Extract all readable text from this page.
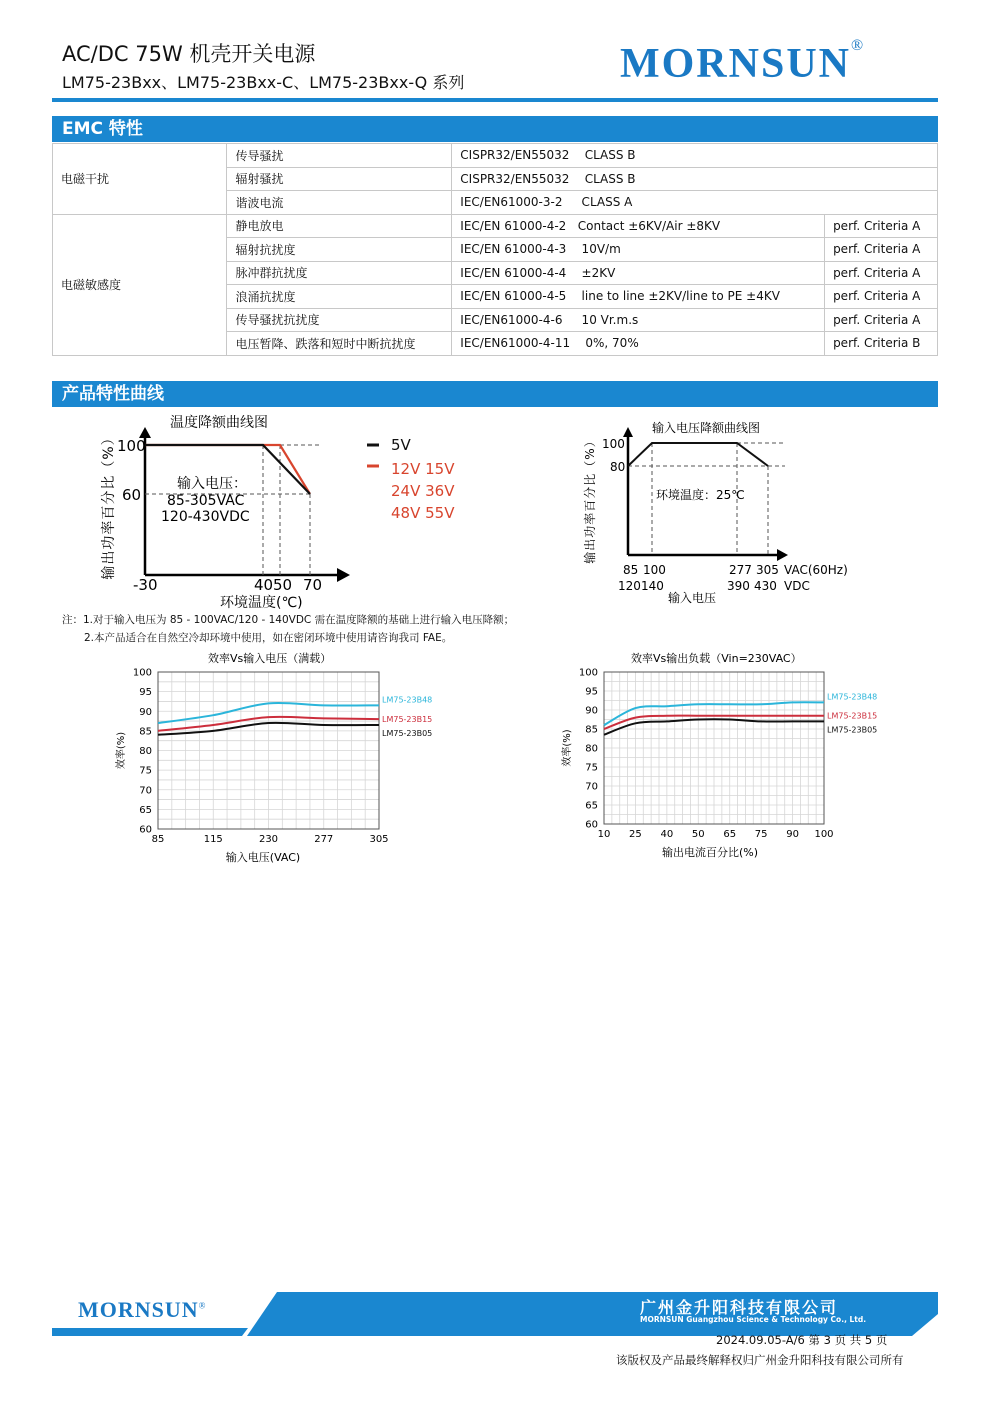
AC/DC 75W 机壳开关电源
LM75-23Bxx、LM75-23Bxx-C、LM75-23Bxx-Q 系列	MORNSUN®
EMC 特性
电磁干扰	传导骚扰	CISPR32/EN55032    CLASS B	
	辐射骚扰	CISPR32/EN55032    CLASS B	
	谐波电流	IEC/EN61000-3-2     CLASS A	
电磁敏感度	静电放电	IEC/EN 61000-4-2   Contact ±6KV/Air ±8KV	perf. Criteria A
	辐射抗扰度	IEC/EN 61000-4-3    10V/m	perf. Criteria A
	脉冲群抗扰度	IEC/EN 61000-4-4    ±2KV	perf. Criteria A
	浪涌抗扰度	IEC/EN 61000-4-5    line to line ±2KV/line to PE ±4KV	perf. Criteria A
	传导骚扰抗扰度	IEC/EN61000-4-6     10 Vr.m.s	perf. Criteria A
	电压暂降、跌落和短时中断抗扰度	IEC/EN61000-4-11    0%, 70%	perf. Criteria B
产品特性曲线
温度降额曲线图
输出功率百分比（%） 100
60
-30	40 50 70
输入电压：
85-305VAC
120-430VDC
环境温度(℃)
5V
12V 15V
24V 36V
48V 55V
输入电压降额曲线图
输出功率百分比（%） 100
80
85 100	277 305 VAC(60Hz)
120 140	390 430 VDC
环境温度：25℃
输入电压
注：1.对于输入电压为 85 - 100VAC/120 - 140VDC 需在温度降额的基础上进行输入电压降额；
2.本产品适合在自然空冷却环境中使用，如在密闭环境中使用请咨询我司 FAE。
效率Vs输入电压（满载）
60
65
70
75
80
85
90
95
100
85	115	230	277	305
效率(%)
输入电压(VAC)
LM75-23B48
LM75-23B15
LM75-23B05
效率Vs输出负载（Vin=230VAC）
60
65
70
75
80
85
90
95
100
10 25 40 50 65 75 90 100
效率(%)
输出电流百分比(%)
LM75-23B48
LM75-23B15
LM75-23B05
MORNSUN®	广州金升阳科技有限公司
MORNSUN Guangzhou Science & Technology Co., Ltd.
2024.09.05-A/6 第 3 页 共 5 页
该版权及产品最终解释权归广州金升阳科技有限公司所有
